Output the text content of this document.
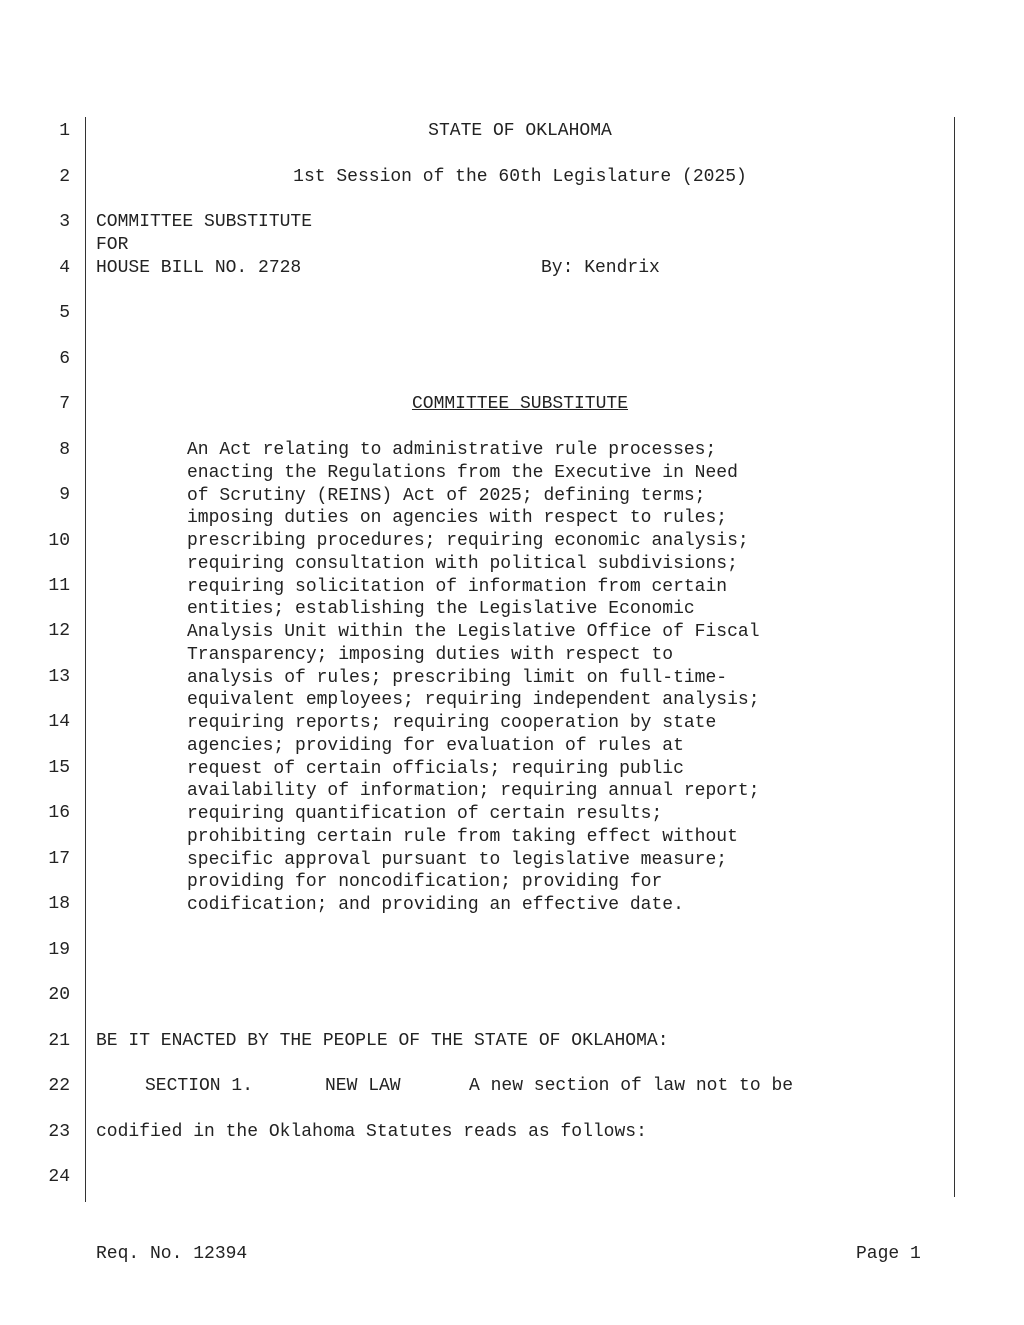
1
2
3
4
5
6
7
8
9
10
11
12
13
14
15
16
17
18
19
20
21
22
23
24
STATE OF OKLAHOMA
1st Session of the 60th Legislature (2025)
COMMITTEE SUBSTITUTE
FOR
HOUSE BILL NO. 2728	By: Kendrix
COMMITTEE SUBSTITUTE
An Act relating to administrative rule processes;
enacting the Regulations from the Executive in Need
of Scrutiny (REINS) Act of 2025; defining terms;
imposing duties on agencies with respect to rules;
prescribing procedures; requiring economic analysis;
requiring consultation with political subdivisions;
requiring solicitation of information from certain
entities; establishing the Legislative Economic
Analysis Unit within the Legislative Office of Fiscal
Transparency; imposing duties with respect to
analysis of rules; prescribing limit on full-time-
equivalent employees; requiring independent analysis;
requiring reports; requiring cooperation by state
agencies; providing for evaluation of rules at
request of certain officials; requiring public
availability of information; requiring annual report;
requiring quantification of certain results;
prohibiting certain rule from taking effect without
specific approval pursuant to legislative measure;
providing for noncodification; providing for
codification; and providing an effective date.
BE IT ENACTED BY THE PEOPLE OF THE STATE OF OKLAHOMA:
SECTION 1.	NEW LAW	A new section of law not to be
codified in the Oklahoma Statutes reads as follows:
Req. No. 12394	Page 1
